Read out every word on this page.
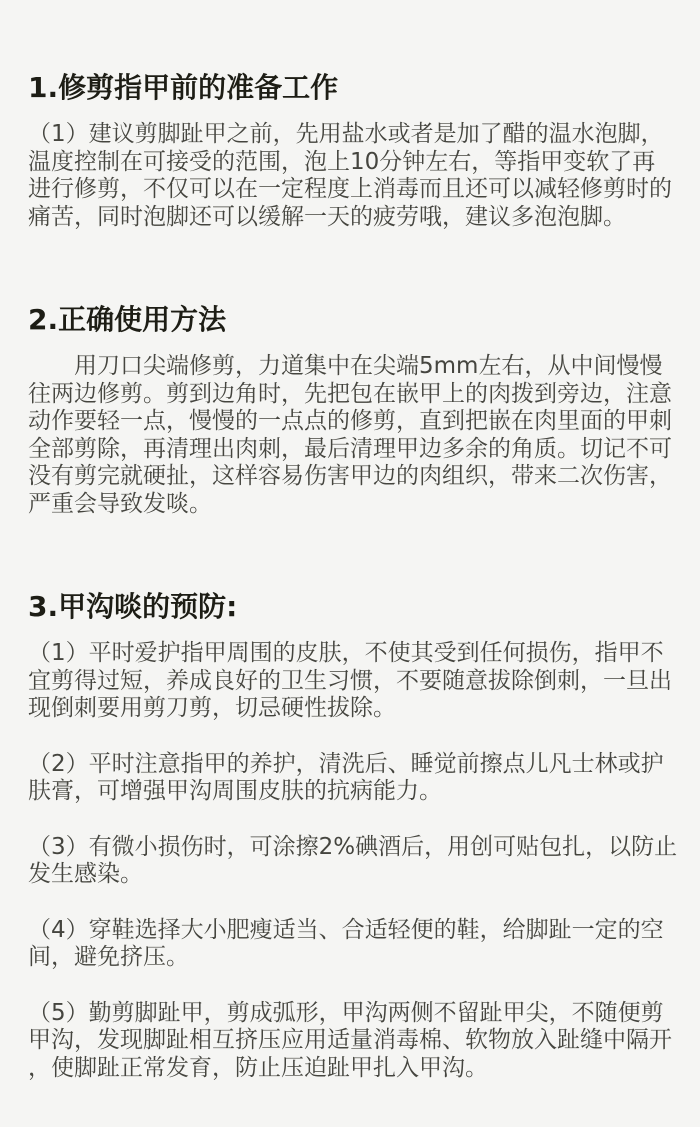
1.修剪指甲前的准备工作

（1）建议剪脚趾甲之前，先用盐水或者是加了醋的温水泡脚，温度控制在可接受的范围，泡上10分钟左右，等指甲变软了再进行修剪，不仅可以在一定程度上消毒而且还可以减轻修剪时的痛苦，同时泡脚还可以缓解一天的疲劳哦，建议多泡泡脚。

2.正确使用方法

用刀口尖端修剪，力道集中在尖端5mm左右，从中间慢慢往两边修剪。剪到边角时，先把包在嵌甲上的肉拨到旁边，注意动作要轻一点，慢慢的一点点的修剪，直到把嵌在肉里面的甲刺全部剪除，再清理出肉刺，最后清理甲边多余的角质。切记不可没有剪完就硬扯，这样容易伤害甲边的肉组织，带来二次伤害，严重会导致发啖。

3.甲沟啖的预防:

（1）平时爱护指甲周围的皮肤，不使其受到任何损伤，指甲不宜剪得过短，养成良好的卫生习惯，不要随意拔除倒刺，一旦出现倒刺要用剪刀剪，切忌硬性拔除。

（2）平时注意指甲的养护，清洗后、睡觉前擦点儿凡士林或护肤膏，可增强甲沟周围皮肤的抗病能力。

（3）有微小损伤时，可涂擦2%碘酒后，用创可贴包扎，以防止发生感染。

（4）穿鞋选择大小肥瘦适当、合适轻便的鞋，给脚趾一定的空间，避免挤压。

（5）勤剪脚趾甲，剪成弧形，甲沟两侧不留趾甲尖，不随便剪甲沟，发现脚趾相互挤压应用适量消毒棉、软物放入趾缝中隔开，使脚趾正常发育，防止压迫趾甲扎入甲沟。
